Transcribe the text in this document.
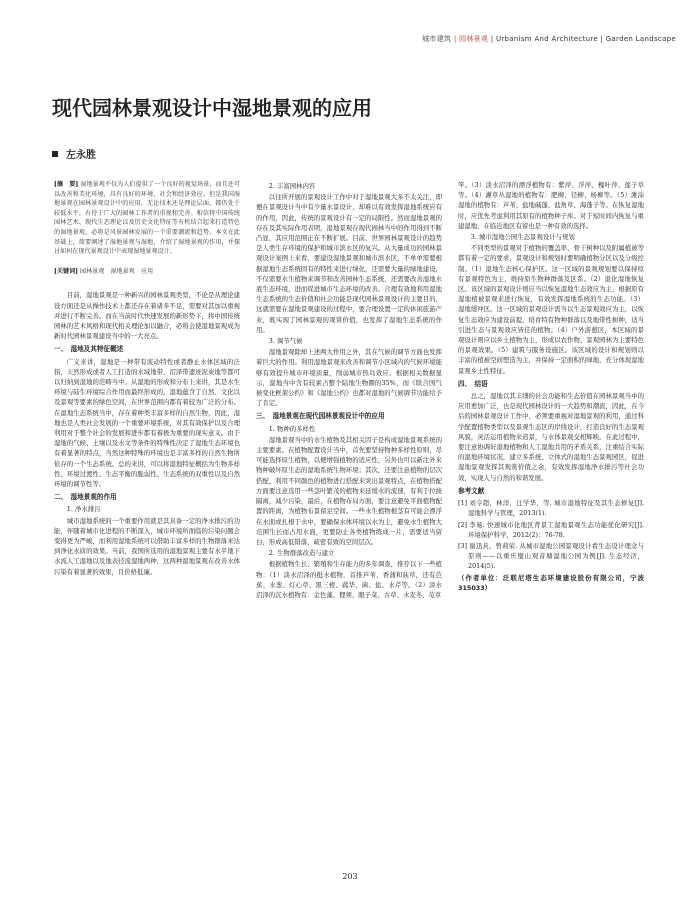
城市建筑 | 园林景观 | Urbanism And Architecture | Garden Landscape
现代园林景观设计中湿地景观的应用
左永胜

[摘　要] 湿地景观不仅为人们提供了一个良好的视觉场景，而且还可以改善和美化环境，具有良好的环境、社会和经济效应。但是我国湿地景观在园林景观设计中的应用，无论技术还是理论层面，都仍处于较低水平，有待于广大的园林工作者的重视和完善。相信将中国传统园林艺术、现代生态理论以及历史文化特征等有机结合起来打造特色的湿地景观，必将是风景园林发展的一个重要潮流和趋势。本文在此基础上，简要阐述了湿地景观与湿地，介绍了湿地景观的作用，并探讨如何在现代景观设计中表现湿地景观设计。

[关键词] 园林景观　湿地景观　应用

目前，湿地景观是一种新兴的园林景观类型，不论是从理论建设方面还是从操作技术上都还存在着诸多不足，需要对其加以重视并进行不断完善。而在当前时代快速发展的新形势下，将中国传统园林的艺术风格和现代相关理论加以融合，必将会使湿地景观成为新时代园林景观建设当中的一大亮点。

一、　湿地及其特征概述

广义来讲，湿地是一种带有流动特性或者静止水体区域的泛指，天然形成或者人工打造的水域地带、沼泽带遗迹泥炭地等都可以归纳到湿地的范畴当中。从湿地的形成和分布上来讲，其是水生环境与陆生环境综合作用而最终形成的，湿地蕴含了自然、文化以及景观等要素的绿色空间，在世界范围内都有着较为广泛的分布。在湿地生态系统当中，存在着种类丰富多样的自然生物，因此，湿地也是人类社会发展的一个重要环境系统，对其有效保护以及合理利用对于整个社会的发展和进步都有着极为重要的现实意义。由于湿地的气候、土壤以及水文等条件的特殊性决定了湿地生态环境也有着显著的特点，当然这种特殊的环境也是丰富多样的自然生物所依存的一个生态系统。总的来讲，可以将湿地特征概括为生物多样性、环境过渡性、生态平衡的脆弱性、生态系统的双重性以及自然环境的调节性等。

二、　湿地景观的作用

1. 净水排污

城市湿地系统的一个重要作用就是其具备一定的净水排污的功能，伴随着城市化进程的不断深入，城市环境所面临的污染问题会变得更为严峻，而利用湿地系统可以借助丰富多样的生物群落来达到净化水质的效果。当前，我国所选用的湿地景观主要有水平地下水流人工湿地以及地表径流湿地两种，这两种湿地景观在改善水体污染有着显著的效果，且价格低廉。

2. 丰富园林内容

以往所开展的景观设计工作中对于湿地景观大多不太关注，即便在景观设计当中有少量水景设计，却难以有效发挥湿地系统应有的作用，因此，传统的景观设计有一定的局限性。然而湿地景观的存在及其实际作用表明，湿地景观在现代园林当中的作用得到不断凸显，其应用范围正在不断扩展。目前，世界园林景观设计的趋势是人类生存环境的保护和城市滨水区的复兴。从大量成功的园林景观设计案例上来看，要建设湿地景观和城市滨水区，不单单需要根据湿地生态系统固有的特性来进行绿化，还需要大量的绿地建设，不仅需要水生植物来调节和改善园林生态系统，还需要改善湿地水底生态环境，进而促进城市生态环境的改善。合理有效地利用湿地生态系统的生态价值和社会功能是现代园林景观设计的主要目的，这就需要在湿地景观建设的过程中，要合理设置一定的休闲旅游产业，既实现了园林景观的观赏价值，也发挥了湿地生态系统的作用。

3. 调节气候

湿地景观除却上述两大作用之外，其在气候的调节方面也发挥着巨大的作用。利用湿地景观来改善和调节小区域内的气候环境能够有效提升城市环境质量，削弱城市热岛效应。根据相关数据显示，湿地当中含有较素占整个陆地生物圈的35%，而《联合国气候变化框架公约》和《湿地公约》也都对湿地的气候调节功能给予了肯定。

三、　湿地景观在现代园林景观设计中的应用

1. 物种的多样性

湿地景观当中的水生植物及其相关因子是构成湿地景观系统的主要要素。在植物配置设计当中，首先要坚持物种多样性原则，尽可能选择原生植物，以便增强植物的适应性，另外也可以新注外来物种破坏原生态的湿地系统生物环境；其次，还要注意植物的层次搭配，利用不同颜色的植物进行搭配来突出景观特点，在植物搭配方面要注意选用一些茎叶繁茂的植物来延缓水的流速，有利于拉拢隔离，减少污染，最后，在植物布局方面，要注意避免平面植物配置的距离，为植物布景留足空间。一些水生植物根茎有可能会漂浮在水面或扎根于水中，要确保水体环境以水为主，避免水生植物大范围生长而占用水面，更要防止各类植物练成一片，需要适当留白，形成高低错落、疏密有致的空间层次。

2. 生物群落改造与建立

根据植物生长、繁殖和生存能力的多年调查，推荐以下一些植物：（1）淡水沼泽的挺水植物，首推芦苇、香蒲和荻草，还有芭蕉、水葱、灯心草、黑三棱、菰华、菌、盐、水芹等。（2）淡水沼泽的沉水植物有：金色藻、狸须、眼子菜、古草、水麦冬、苋草

竿。（3）淡水沼泽的漂浮植物有：紫萍、浮萍、槐叶萍、莲子草等。（4）灌草丛湿地的植物有：肥柳、径柳、杨柳等。（5）滩涂湿地的植物有：芦苇、盐地碱蓬、盐角草、海蓬子等。在恢复湿地时，应优先考虑利用其原有的植物种子库。对于短时间内恢复与重建湿地，在临近地区有留也是一种有效的选择。

3. 城市湿地公园生态景观设计与规划

不同类型的景观对于植物的覆盖率、骨干树种以及附属植被等都有着一定的要求，景观设计和规划时要明确植物分区以及分级控制。（1）湿地生态核心保护区。这一区域的景观规划要以保持原有景观特色为主，维持原生物种群落及区系。（2）退化湿地恢复区。该区域的景观设计则应当以恢复湿地生态效应为主，根据原有湿地植被景观来进行恢复，有效发挥湿地系统的生态功能。（3）湿地缓冲区。这一区域的景观设计需当以生态景观效应为主，以恢复生态效应为建设前提，培育特有物种群落以及地带性树种，适当引进生态与景观效应皆佳的植物；（4）户外游憩区，本区域的景观设计则应以乡土植物为主，形成以农作物、景观园林为主要特色的景观效果。（5）建筑与服务设施区。该区域的设计和规划则以丰富的植被空间塑造为主，并保持一定面积的绿地，充分体现湿地景观乡土性特征。

四、　结语

总之，湿地以其丰缮的社会功能和生态价值在园林景观当中的应用愈加广泛，也是现代园林设计的一大趋势和潮流，因此，在今后的园林景观设计工作中，必须要重视对湿地景观的利用，通过科学配置植物类型以及景观生态区的岸线设计，打造良好的生态景观风貌，灵活运用植物来造景，与水体景观交相辉映。在此过程中，要注意协调好湿地植物和人工湿地共用的矛盾关系，注重结合实际的湿地环境状况，建立多系统、立体式的湿地生态景观园区，促进湿地景观发挥其观赏价值之余，有效发挥湿地净水排污等社会功效，实现人与自然的和谐发展。

参考文献

[1] 刘令超，林洋，汪学华，等. 城市湿地特征及其生态修复[J]. 湿地科学与管理，2013(1).

[2] 李易. 快速城市化地区背景工湿地景观生态功能优化研究[J]. 环境保护科学，2012(2)：76-78.

[3] 谢迅具，曾莉荣. 从城市湿地公园景观设计看生态设计理念与原则——以重庆璧山观音塘湿地公园为例[J]. 生态经济，2014(5).

（作者单位：泛联尼塔生态环境建设股份有限公司，宁波 315033）

203
